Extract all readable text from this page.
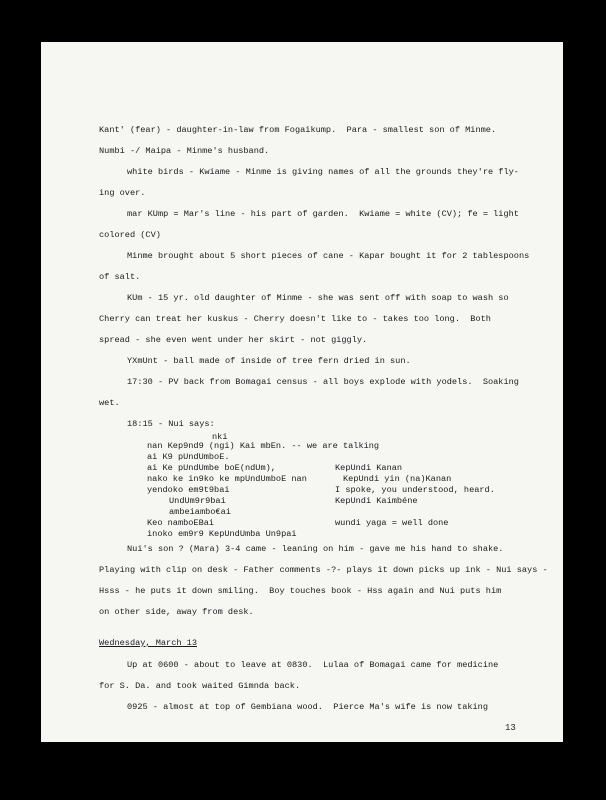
Kant' (fear) - daughter-in-law from Fogaikump.  Para - smallest son of Minme.
Numbi -/ Maipa - Minme's husband.
white birds - Kwiame - Minme is giving names of all the grounds they're fly-
ing over.
mar KUmp = Mar's line - his part of garden.  Kwiame = white (CV); fe = light
colored (CV)
Minme brought about 5 short pieces of cane - Kapar bought it for 2 tablespoons
of salt.
KUm - 15 yr. old daughter of Minme - she was sent off with soap to wash so
Cherry can treat her kuskus - Cherry doesn't like to - takes too long.  Both
spread - she even went under her skirt - not giggly.
YXmUnt - ball made of inside of tree fern dried in sun.
17:30 - PV back from Bomagai census - all boys explode with yodels.  Soaking
wet.
18:15 - Nui says:
nki
nan Kep9nd9 (ngi) Kai mbEn. -- we are talking
ai K9 pUndUmboE.
ai Ke pUndUmbe boE(ndUm),
nako ke in9ko ke mpUndUmboE nan
yendoko em9t9bai
UndUm9r9bai
ambeiambo€ai
Keo namboEBai
inoko em9r9 KepUndUmba Un9pai
KepUndi Kanan
KepUndi yin (na)Kanan
I spoke, you understood, heard.
KepUndi Kaimbéne
wundi yaga = well done
Nui's son ? (Mara) 3-4 came - leaning on him - gave me his hand to shake.
Playing with clip on desk - Father comments -?- plays it down picks up ink - Nui says -
Hsss - he puts it down smiling.  Boy touches book - Hss again and Nui puts him
on other side, away from desk.
Wednesday, March 13
Up at 0600 - about to leave at 0830.  Lulaa of Bomagai came for medicine
for S. Da. and took waited Gimnda back.
0925 - almost at top of Gembiana wood.  Pierce Ma's wife is now taking
13
